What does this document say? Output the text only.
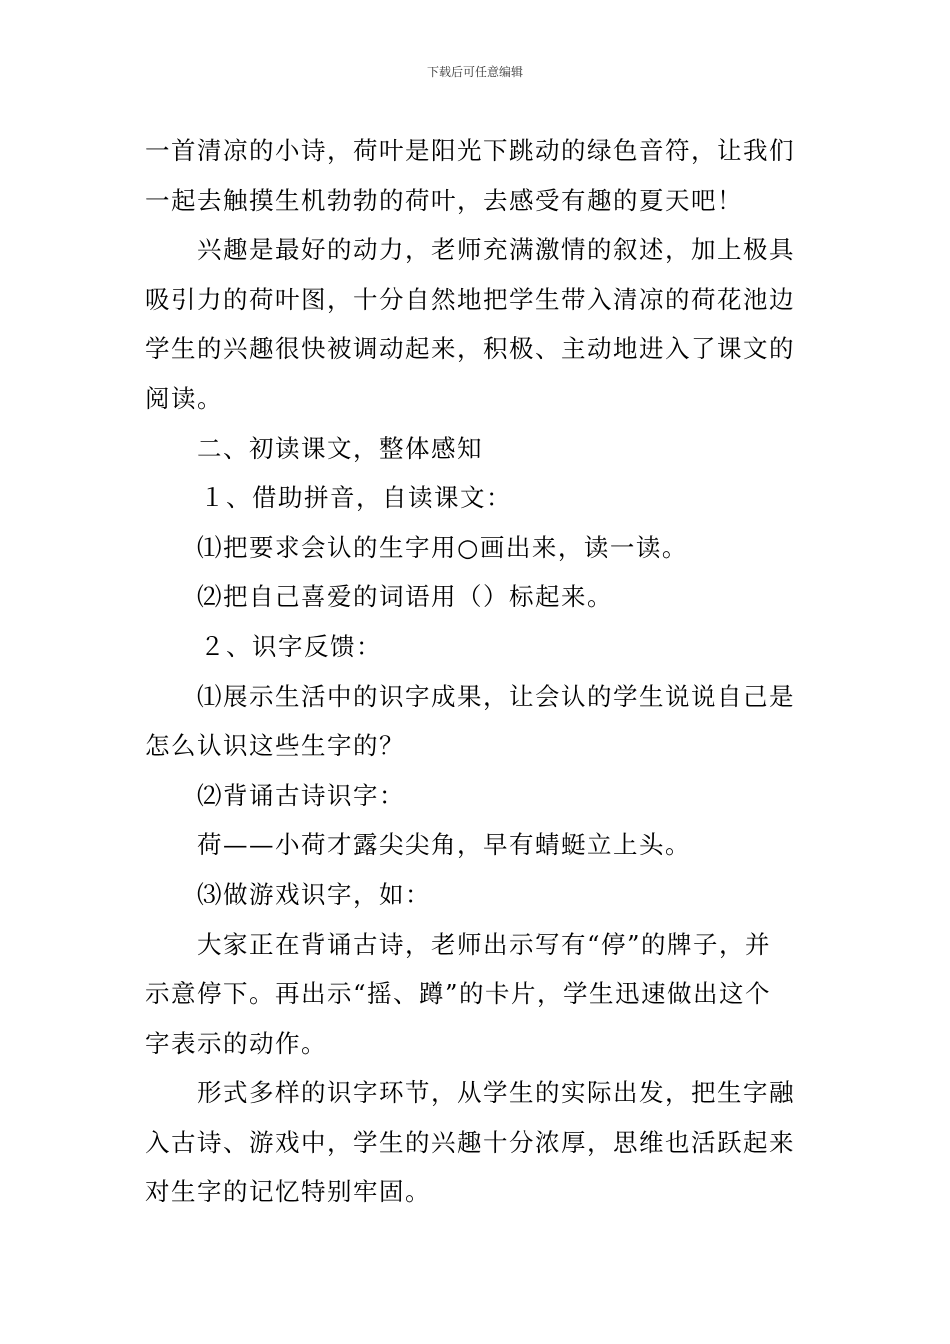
下载后可任意编辑
一首清凉的小诗，荷叶是阳光下跳动的绿色音符，让我们
一起去触摸生机勃勃的荷叶，去感受有趣的夏天吧！
兴趣是最好的动力，老师充满激情的叙述，加上极具
吸引力的荷叶图，十分自然地把学生带入清凉的荷花池边
学生的兴趣很快被调动起来，积极、主动地进入了课文的
阅读。
二、初读课文，整体感知
１、借助拼音，自读课文：
⑴把要求会认的生字用○画出来，读一读。
⑵把自己喜爱的词语用（）标起来。
２、识字反馈：
⑴展示生活中的识字成果，让会认的学生说说自己是
怎么认识这些生字的？
⑵背诵古诗识字：
荷——小荷才露尖尖角，早有蜻蜓立上头。
⑶做游戏识字，如：
大家正在背诵古诗，老师出示写有“停”的牌子，并
示意停下。再出示“摇、蹲”的卡片，学生迅速做出这个
字表示的动作。
形式多样的识字环节，从学生的实际出发，把生字融
入古诗、游戏中，学生的兴趣十分浓厚，思维也活跃起来
对生字的记忆特别牢固。
